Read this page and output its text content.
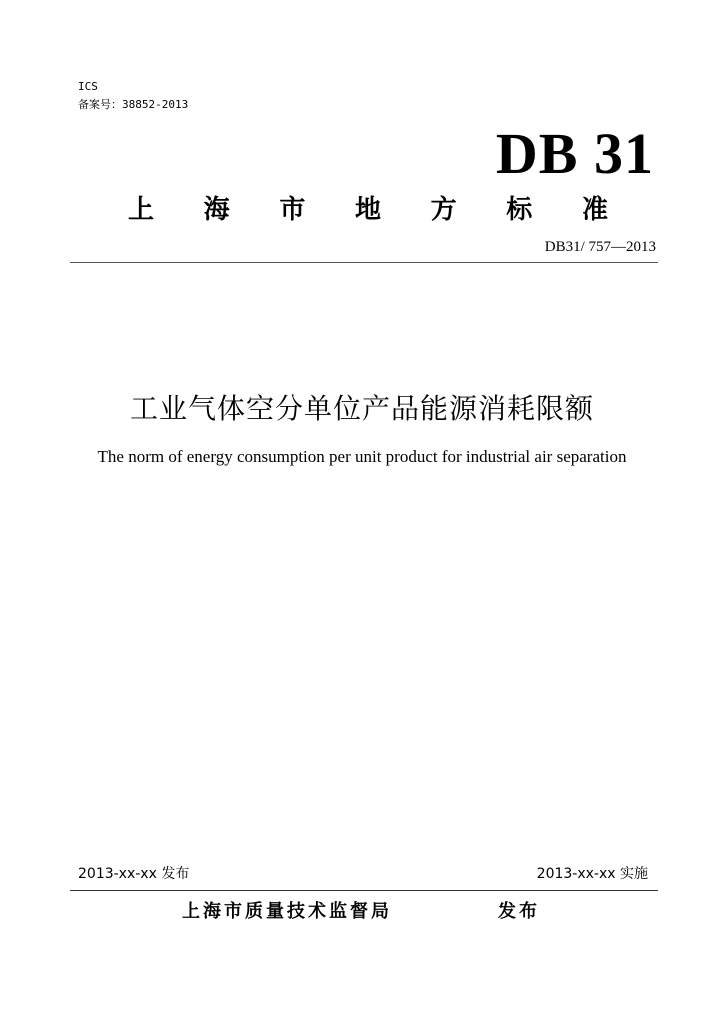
ICS
备案号：38852-2013
DB 31
上 海 市 地 方 标 准
DB31/ 757—2013
工业气体空分单位产品能源消耗限额
The norm of energy consumption per unit product for industrial air separation
2013-xx-xx 发布	2013-xx-xx 实施
上海市质量技术监督局	发布
